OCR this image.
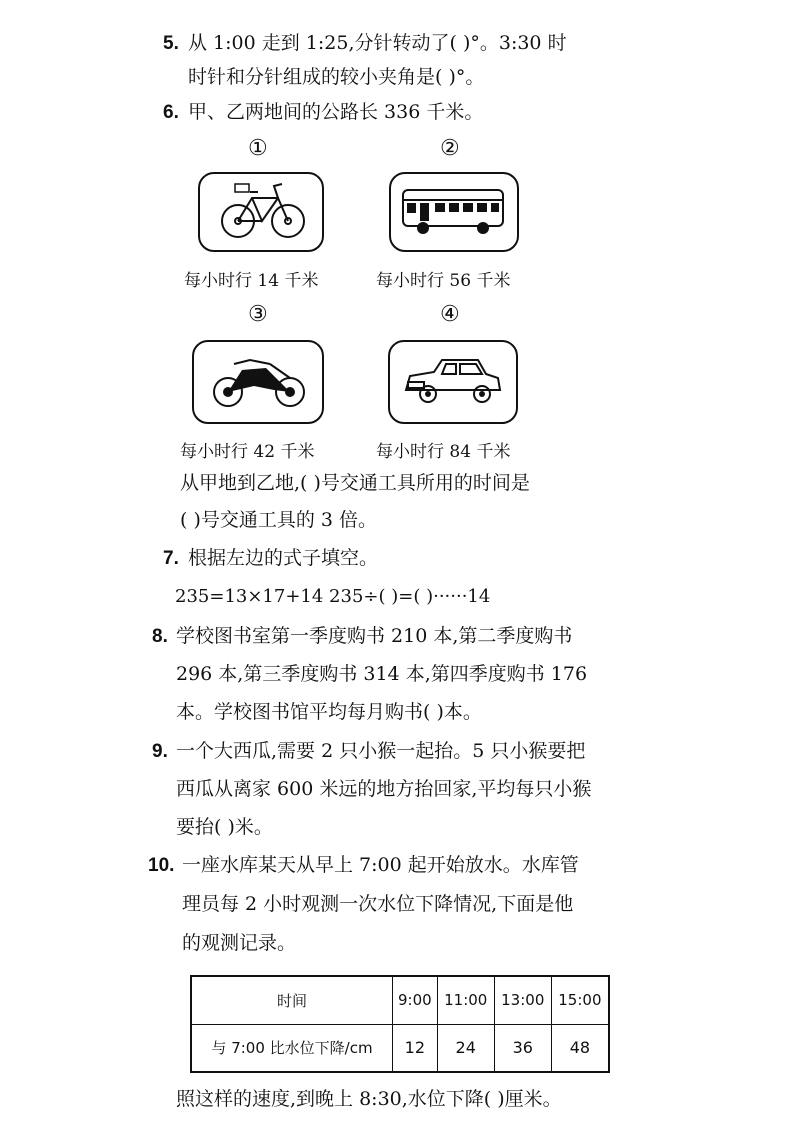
5. 从 1:00 走到 1:25,分针转动了( )°。3:30 时
时针和分针组成的较小夹角是( )°。
6. 甲、乙两地间的公路长 336 千米。
①
每小时行 14 千米
②
每小时行 56 千米
③
每小时行 42 千米
④
每小时行 84 千米
从甲地到乙地,( )号交通工具所用的时间是
( )号交通工具的 3 倍。
7. 根据左边的式子填空。
235=13×17+14 235÷( )=( )······14
8. 学校图书室第一季度购书 210 本,第二季度购书
296 本,第三季度购书 314 本,第四季度购书 176
本。学校图书馆平均每月购书( )本。
9. 一个大西瓜,需要 2 只小猴一起抬。5 只小猴要把
西瓜从离家 600 米远的地方抬回家,平均每只小猴
要抬( )米。
10. 一座水库某天从早上 7:00 起开始放水。水库管
理员每 2 小时观测一次水位下降情况,下面是他
的观测记录。
时间	9:00	11:00	13:00	15:00
与 7:00 比水位下降/cm	12	24	36	48
照这样的速度,到晚上 8:30,水位下降( )厘米。
